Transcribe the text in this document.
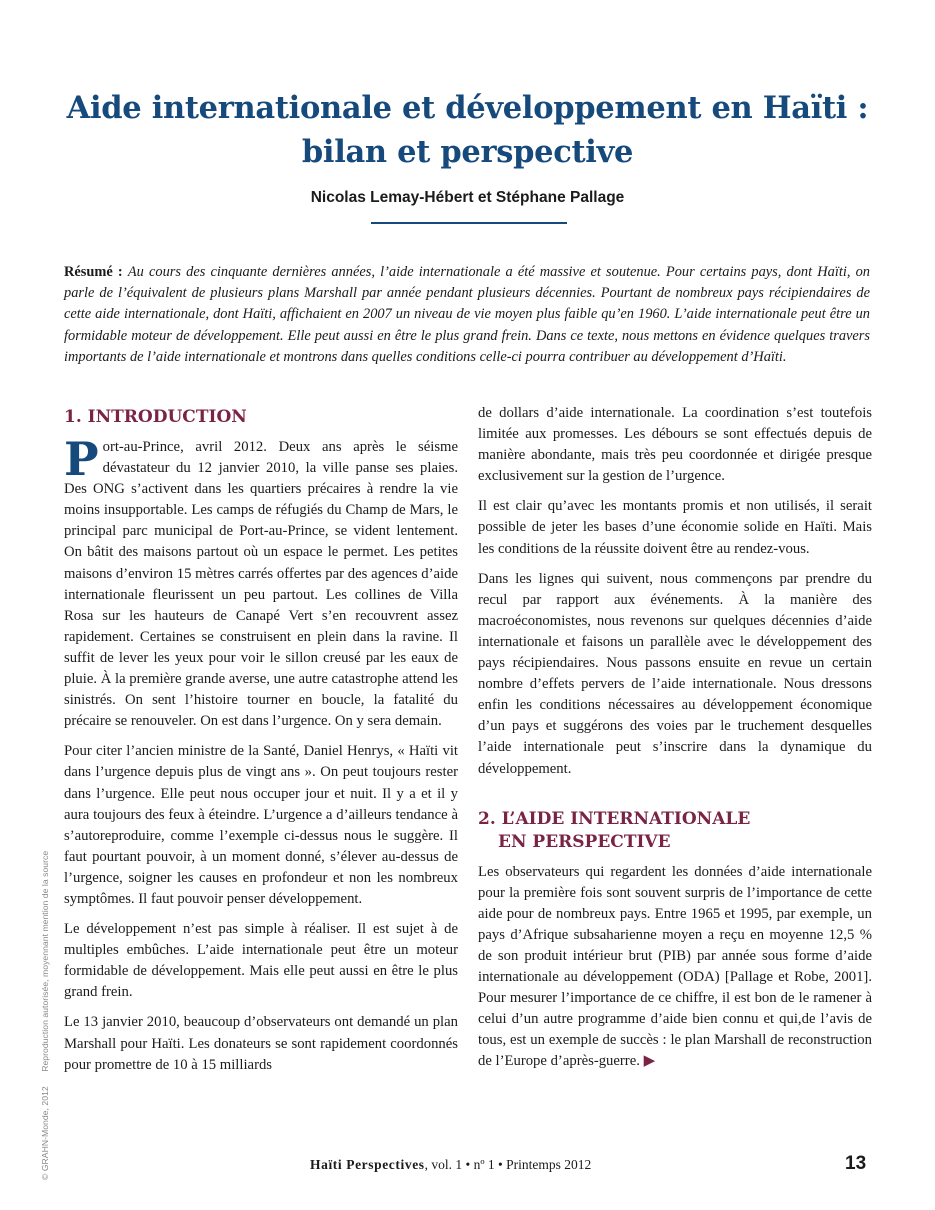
Aide internationale et développement en Haïti :
bilan et perspective
Nicolas Lemay-Hébert et Stéphane Pallage
Résumé : Au cours des cinquante dernières années, l’aide internationale a été massive et soutenue. Pour certains pays, dont Haïti, on parle de l’équivalent de plusieurs plans Marshall par année pendant plusieurs décennies. Pourtant de nombreux pays récipiendaires de cette aide internationale, dont Haïti, affichaient en 2007 un niveau de vie moyen plus faible qu’en 1960. L’aide internationale peut être un formidable moteur de développement. Elle peut aussi en être le plus grand frein. Dans ce texte, nous mettons en évidence quelques travers importants de l’aide internationale et montrons dans quelles conditions celle-ci pourra contribuer au développement d’Haïti.
1. INTRODUCTION

P ort-au-Prince, avril 2012. Deux ans après le séisme dévastateur du 12 janvier 2010, la ville panse ses plaies. Des ONG s’activent dans les quartiers précaires à rendre la vie moins insupportable. Les camps de réfugiés du Champ de Mars, le principal parc municipal de Port-au-Prince, se vident lentement. On bâtit des maisons partout où un espace le permet. Les petites maisons d’environ 15 mètres carrés offertes par des agences d’aide internationale fleurissent un peu partout. Les collines de Villa Rosa sur les hauteurs de Canapé Vert s’en recouvrent assez rapidement. Certaines se construisent en plein dans la ravine. Il suffit de lever les yeux pour voir le sillon creusé par les eaux de pluie. À la première grande averse, une autre catastrophe attend les sinistrés. On sent l’histoire tourner en boucle, la fatalité du précaire se renouveler. On est dans l’urgence. On y sera demain.

Pour citer l’ancien ministre de la Santé, Daniel Henrys, « Haïti vit dans l’urgence depuis plus de vingt ans ». On peut toujours rester dans l’urgence. Elle peut nous occuper jour et nuit. Il y a et il y aura toujours des feux à éteindre. L’urgence a d’ailleurs tendance à s’autoreproduire, comme l’exemple ci-dessus nous le suggère. Il faut pourtant pouvoir, à un moment donné, s’élever au-dessus de l’urgence, soigner les causes en profondeur et non les nombreux symptômes. Il faut pouvoir penser développement.

Le développement n’est pas simple à réaliser. Il est sujet à de multiples embûches. L’aide internationale peut être un moteur formidable de développement. Mais elle peut aussi en être le plus grand frein.

Le 13 janvier 2010, beaucoup d’observateurs ont demandé un plan Marshall pour Haïti. Les donateurs se sont rapidement coordonnés pour promettre de 10 à 15 milliards

de dollars d’aide internationale. La coordination s’est toutefois limitée aux promesses. Les débours se sont effectués depuis de manière abondante, mais très peu coordonnée et dirigée presque exclusivement sur la gestion de l’urgence.

Il est clair qu’avec les montants promis et non utilisés, il serait possible de jeter les bases d’une économie solide en Haïti. Mais les conditions de la réussite doivent être au rendez-vous.

Dans les lignes qui suivent, nous commençons par prendre du recul par rapport aux événements. À la manière des macroéconomistes, nous revenons sur quelques décennies d’aide internationale et faisons un parallèle avec le développement des pays récipiendaires. Nous passons ensuite en revue un certain nombre d’effets pervers de l’aide internationale. Nous dressons enfin les conditions nécessaires au développement économique d’un pays et suggérons des voies par le truchement desquelles l’aide internationale peut s’inscrire dans la dynamique du développement.

2. L’AIDE INTERNATIONALE
EN PERSPECTIVE

Les observateurs qui regardent les données d’aide internationale pour la première fois sont souvent surpris de l’importance de cette aide pour de nombreux pays. Entre 1965 et 1995, par exemple, un pays d’Afrique subsaharienne moyen a reçu en moyenne 12,5 % de son produit intérieur brut (PIB) par année sous forme d’aide internationale au développement (ODA) [Pallage et Robe, 2001]. Pour mesurer l’importance de ce chiffre, il est bon de le ramener à celui d’un autre programme d’aide bien connu et qui,de l’avis de tous, est un exemple de succès : le plan Marshall de reconstruction de l’Europe d’après-guerre. ▶

© GRAHN-Monde, 2012 Reproduction autorisée, moyennant mention de la source
Haïti Perspectives, vol. 1 • nº 1 • Printemps 2012	13
